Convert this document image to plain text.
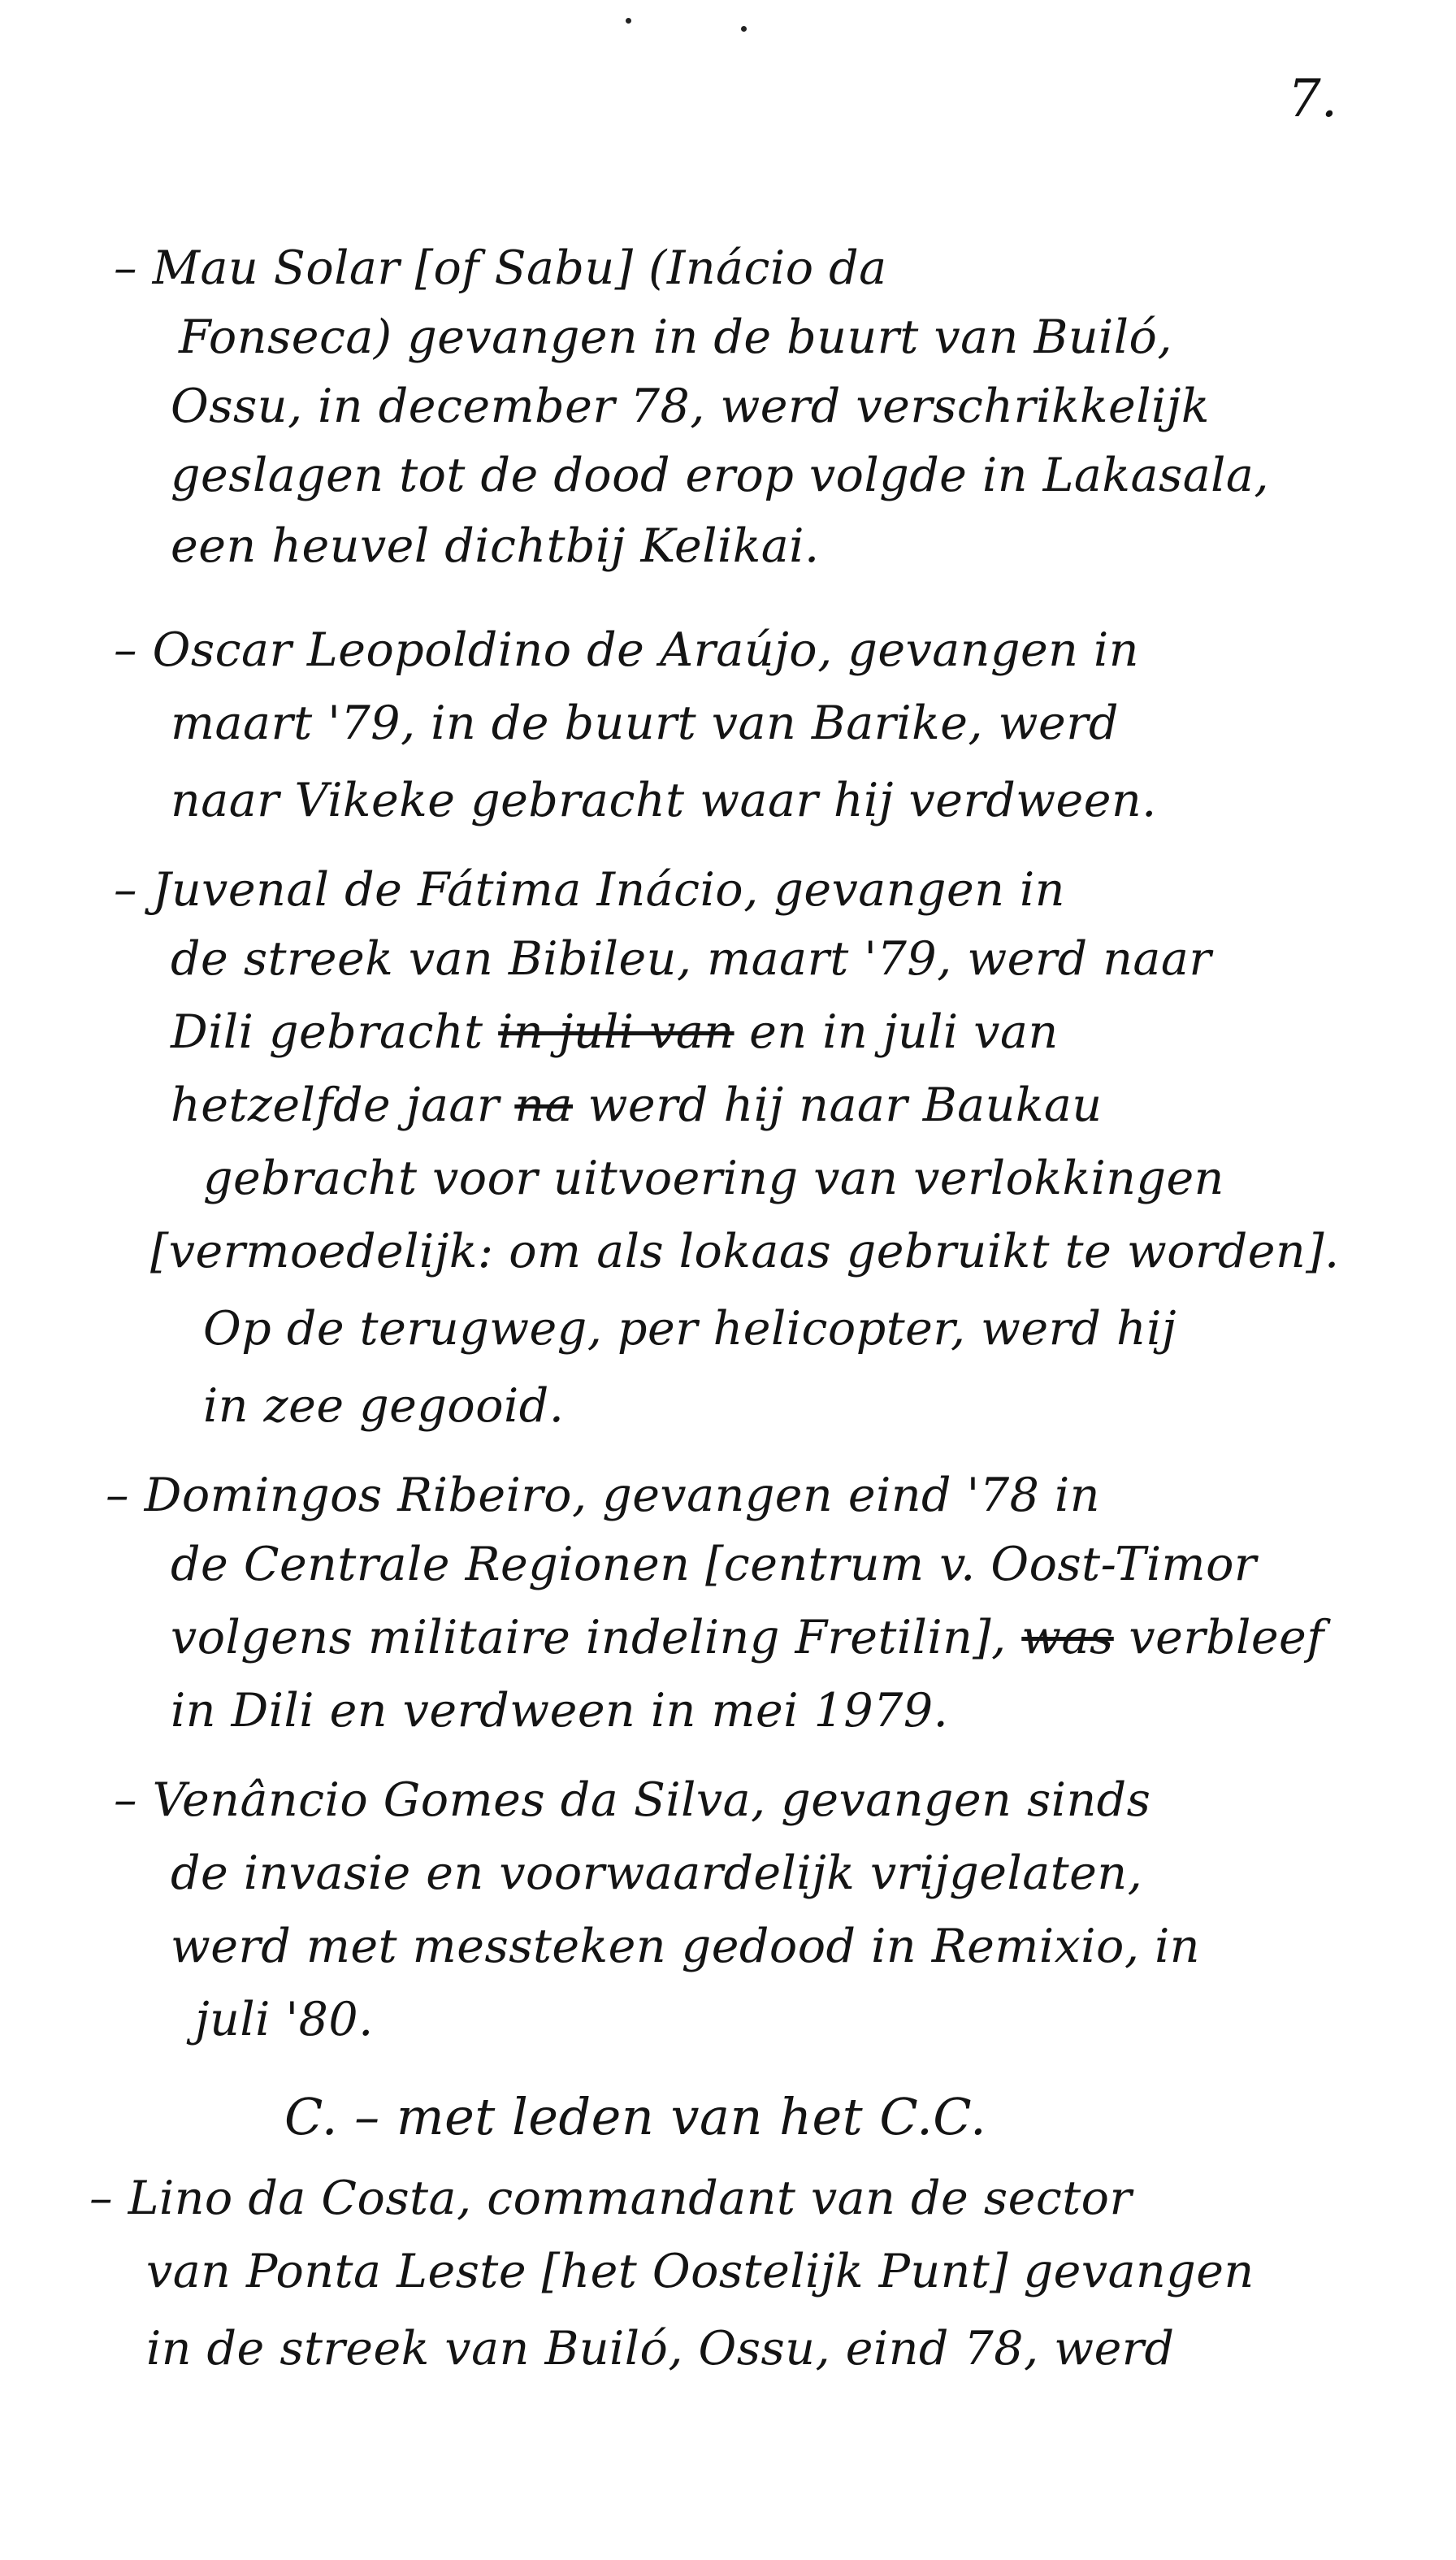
7.
– Mau Solar [of Sabu] (Inácio da
Fonseca) gevangen in de buurt van Builó,
Ossu, in december 78, werd verschrikkelijk
geslagen tot de dood erop volgde in Lakasala,
een heuvel dichtbij Kelikai.
– Oscar Leopoldino de Araújo, gevangen in
maart '79, in de buurt van Barike, werd
naar Vikeke gebracht waar hij verdween.
– Juvenal de Fátima Inácio, gevangen in
de streek van Bibileu, maart '79, werd naar
Dili gebracht in juli van en in juli van
hetzelfde jaar na werd hij naar Baukau
gebracht voor uitvoering van verlokkingen
[vermoedelijk: om als lokaas gebruikt te worden].
Op de terugweg, per helicopter, werd hij
in zee gegooid.
– Domingos Ribeiro, gevangen eind '78 in
de Centrale Regionen [centrum v. Oost-Timor
volgens militaire indeling Fretilin], was verbleef
in Dili en verdween in mei 1979.
– Venâncio Gomes da Silva, gevangen sinds
de invasie en voorwaardelijk vrijgelaten,
werd met messteken gedood in Remixio, in
juli '80.
C. – met leden van het C.C.
– Lino da Costa, commandant van de sector
van Ponta Leste [het Oostelijk Punt] gevangen
in de streek van Builó, Ossu, eind 78, werd
